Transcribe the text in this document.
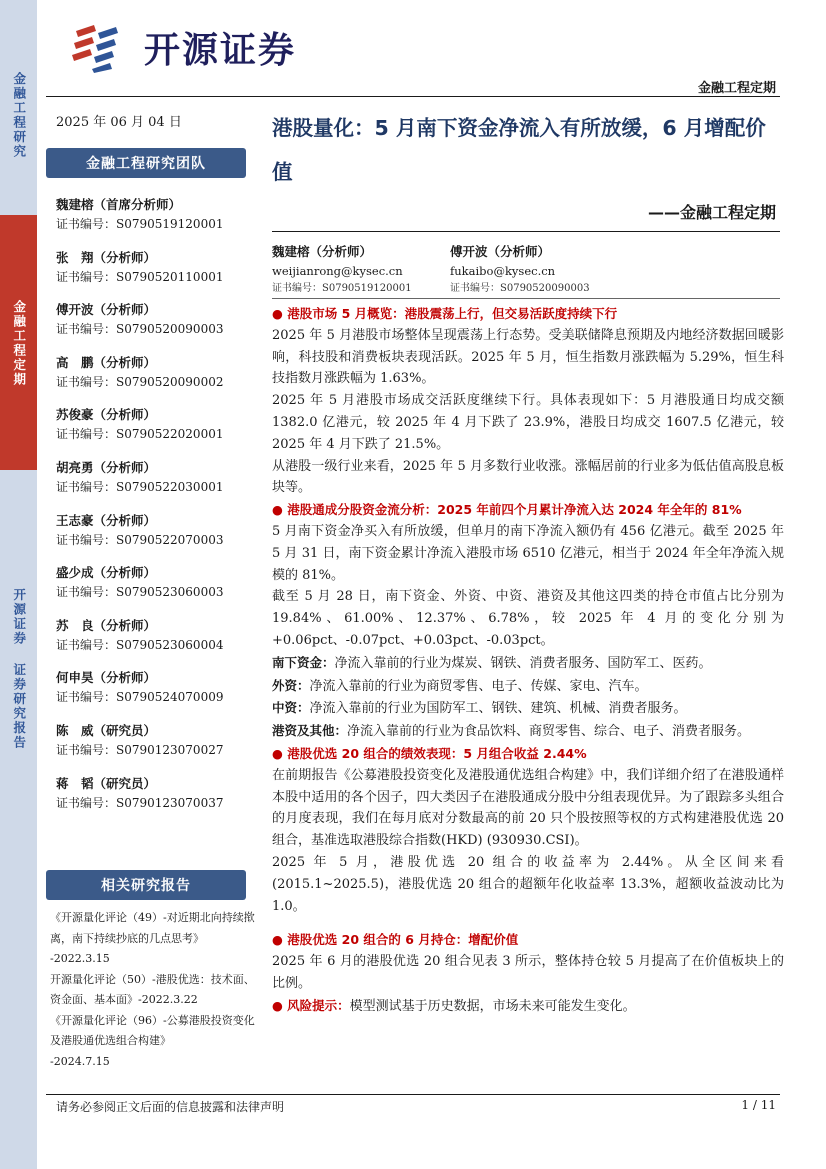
金融工程研究
金融工程定期
开源证券 证券研究报告
开源证券
金融工程定期
2025 年 06 月 04 日
金融工程研究团队
魏建榕（首席分析师）
证书编号：S0790519120001
张　翔（分析师）
证书编号：S0790520110001
傅开波（分析师）
证书编号：S0790520090003
高　鹏（分析师）
证书编号：S0790520090002
苏俊豪（分析师）
证书编号：S0790522020001
胡亮勇（分析师）
证书编号：S0790522030001
王志豪（分析师）
证书编号：S0790522070003
盛少成（分析师）
证书编号：S0790523060003
苏　良（分析师）
证书编号：S0790523060004
何申昊（分析师）
证书编号：S0790524070009
陈　威（研究员）
证书编号：S0790123070027
蒋　韬（研究员）
证书编号：S0790123070037
相关研究报告
《开源量化评论（49）-对近期北向持续揿离，南下持续抄底的几点思考》
-2022.3.15
开源量化评论（50）-港股优选：技术面、资金面、基本面》-2022.3.22
《开源量化评论（96）-公募港股投资变化及港股通优选组合构建》
-2024.7.15
港股量化：5 月南下资金净流入有所放缓，6 月增配价值
——金融工程定期
魏建榕（分析师）
weijianrong@kysec.cn
证书编号：S0790519120001
傅开波（分析师）
fukaibo@kysec.cn
证书编号：S0790520090003

● 港股市场 5 月概览：港股震荡上行，但交易活跃度持续下行

2025 年 5 月港股市场整体呈现震荡上行态势。受美联储降息预期及内地经济数据回暖影响，科技股和消费板块表现活跃。2025 年 5 月，恒生指数月涨跌幅为 5.29%，恒生科技指数月涨跌幅为 1.63%。

2025 年 5 月港股市场成交活跃度继续下行。具体表现如下：5 月港股通日均成交额 1382.0 亿港元，较 2025 年 4 月下跌了 23.9%，港股日均成交 1607.5 亿港元，较 2025 年 4 月下跌了 21.5%。

从港股一级行业来看，2025 年 5 月多数行业收涨。涨幅居前的行业多为低估值高股息板块等。

● 港股通成分股资金流分析：2025 年前四个月累计净流入达 2024 年全年的 81%

5 月南下资金净买入有所放缓，但单月的南下净流入额仍有 456 亿港元。截至 2025 年 5 月 31 日，南下资金累计净流入港股市场 6510 亿港元，相当于 2024 年全年净流入规模的 81%。

截至 5 月 28 日，南下资金、外资、中资、港资及其他这四类的持仓市值占比分别为 19.84%、61.00%、12.37%、6.78%，较 2025 年 4 月的变化分别为+0.06pct、-0.07pct、+0.03pct、-0.03pct。

南下资金：净流入靠前的行业为煤炭、钢铁、消费者服务、国防军工、医药。

外资：净流入靠前的行业为商贸零售、电子、传媒、家电、汽车。

中资：净流入靠前的行业为国防军工、钢铁、建筑、机械、消费者服务。

港资及其他：净流入靠前的行业为食品饮料、商贸零售、综合、电子、消费者服务。

● 港股优选 20 组合的绩效表现：5 月组合收益 2.44%

在前期报告《公募港股投资变化及港股通优选组合构建》中，我们详细介绍了在港股通样本股中适用的各个因子，四大类因子在港股通成分股中分组表现优异。为了跟踪多头组合的月度表现，我们在每月底对分数最高的前 20 只个股按照等权的方式构建港股优选 20 组合，基准选取港股综合指数(HKD) (930930.CSI)。

2025 年 5 月，港股优选 20 组合的收益率为 2.44%。从全区间来看(2015.1~2025.5)，港股优选 20 组合的超额年化收益率 13.3%，超额收益波动比为 1.0。

● 港股优选 20 组合的 6 月持仓：增配价值

2025 年 6 月的港股优选 20 组合见表 3 所示，整体持仓较 5 月提高了在价值板块上的比例。

● 风险提示：模型测试基于历史数据，市场未来可能发生变化。

请务必参阅正文后面的信息披露和法律声明	1 / 11
